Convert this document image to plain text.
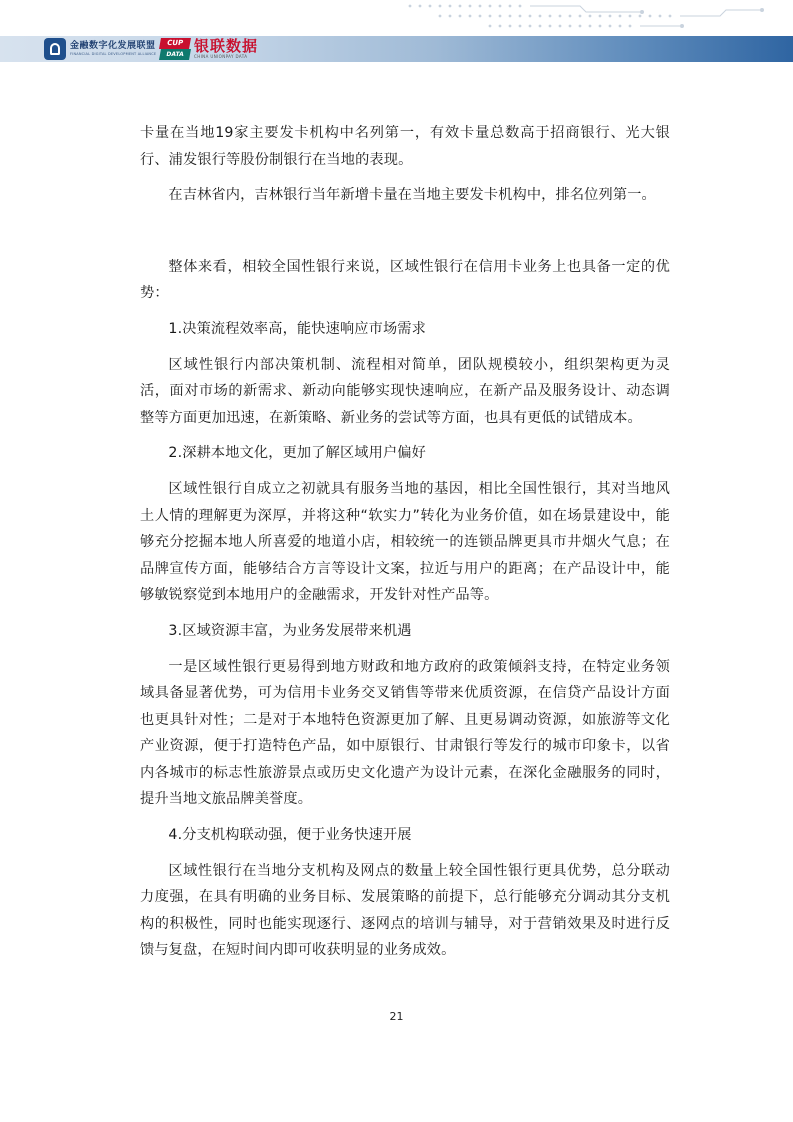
金融数字化发展联盟
FINANCIAL DIGITAL DEVELOPMENT ALLIANCE
CUP
DATA 银联数据
CHINA UNIONPAY DATA

卡量在当地19家主要发卡机构中名列第一，有效卡量总数高于招商银行、光大银行、浦发银行等股份制银行在当地的表现。

在吉林省内，吉林银行当年新增卡量在当地主要发卡机构中，排名位列第一。

整体来看，相较全国性银行来说，区域性银行在信用卡业务上也具备一定的优势：

1.决策流程效率高，能快速响应市场需求

区域性银行内部决策机制、流程相对简单，团队规模较小，组织架构更为灵活，面对市场的新需求、新动向能够实现快速响应，在新产品及服务设计、动态调整等方面更加迅速，在新策略、新业务的尝试等方面，也具有更低的试错成本。

2.深耕本地文化，更加了解区域用户偏好

区域性银行自成立之初就具有服务当地的基因，相比全国性银行，其对当地风土人情的理解更为深厚，并将这种“软实力”转化为业务价值，如在场景建设中，能够充分挖掘本地人所喜爱的地道小店，相较统一的连锁品牌更具市井烟火气息；在品牌宣传方面，能够结合方言等设计文案，拉近与用户的距离；在产品设计中，能够敏锐察觉到本地用户的金融需求，开发针对性产品等。

3.区域资源丰富，为业务发展带来机遇

一是区域性银行更易得到地方财政和地方政府的政策倾斜支持，在特定业务领域具备显著优势，可为信用卡业务交叉销售等带来优质资源，在信贷产品设计方面也更具针对性；二是对于本地特色资源更加了解、且更易调动资源，如旅游等文化产业资源，便于打造特色产品，如中原银行、甘肃银行等发行的城市印象卡，以省内各城市的标志性旅游景点或历史文化遗产为设计元素，在深化金融服务的同时，提升当地文旅品牌美誉度。

4.分支机构联动强，便于业务快速开展

区域性银行在当地分支机构及网点的数量上较全国性银行更具优势，总分联动力度强，在具有明确的业务目标、发展策略的前提下，总行能够充分调动其分支机构的积极性，同时也能实现逐行、逐网点的培训与辅导，对于营销效果及时进行反馈与复盘，在短时间内即可收获明显的业务成效。

21
